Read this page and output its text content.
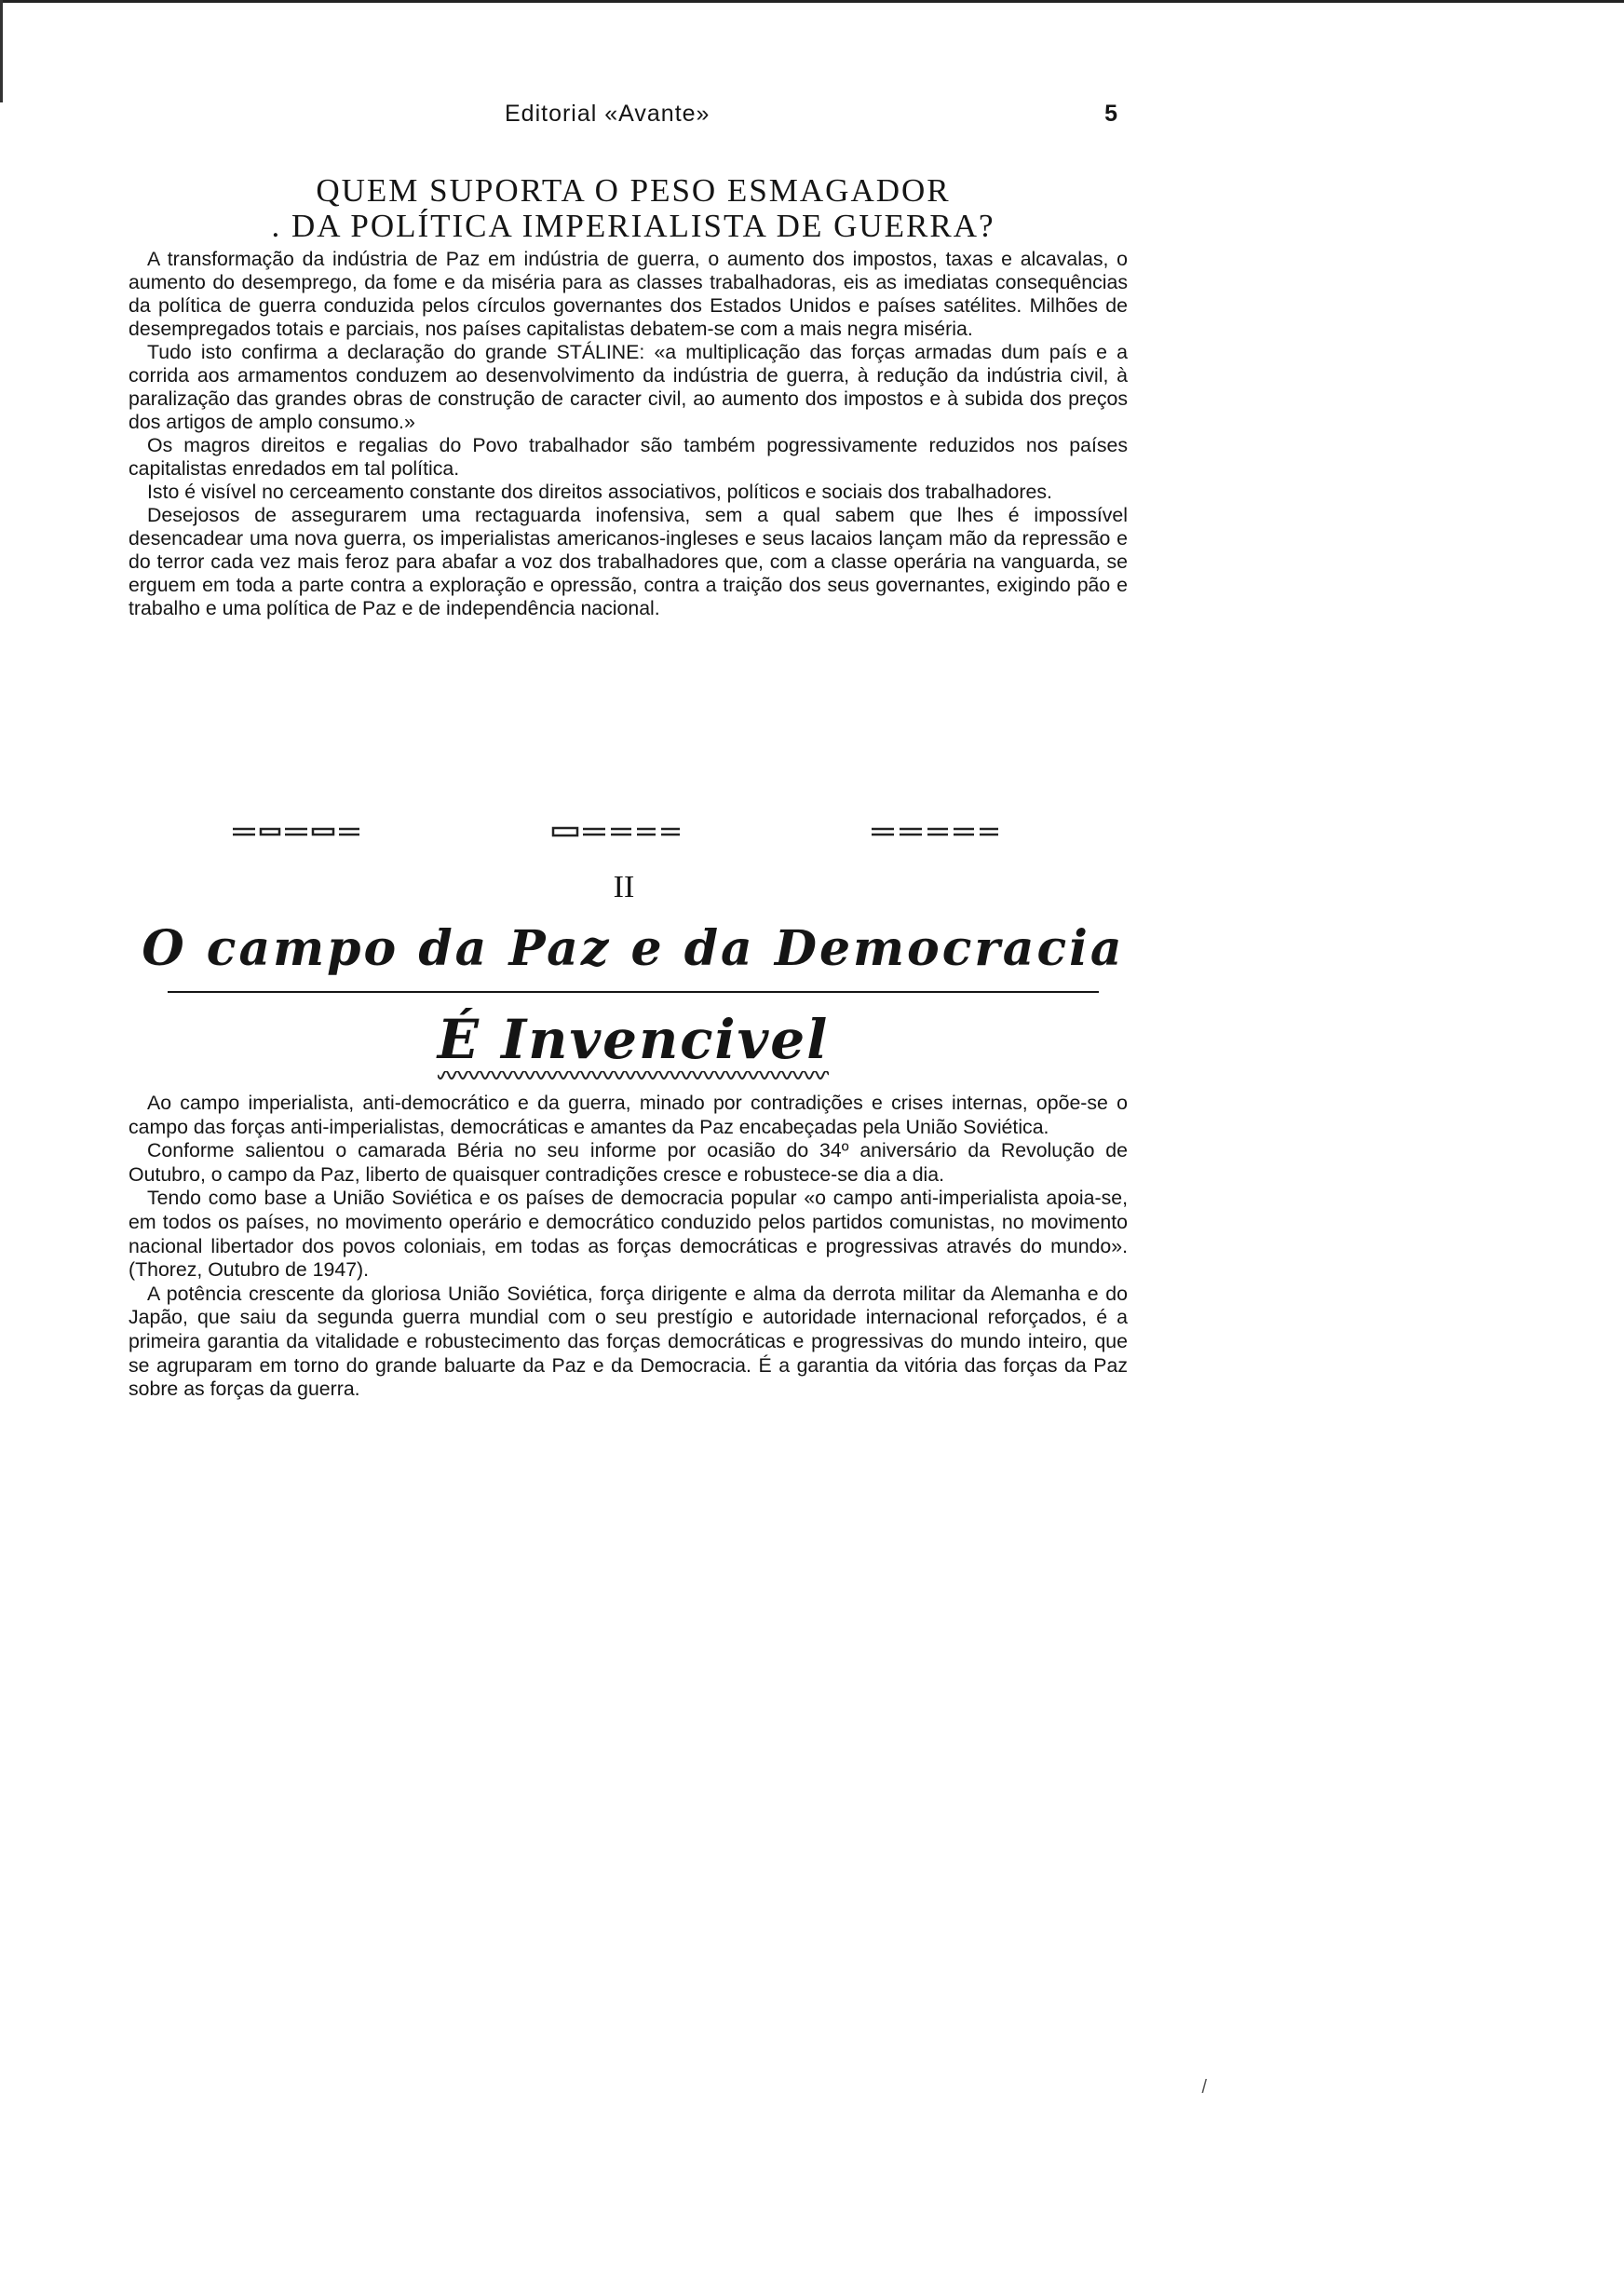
Editorial «Avante»	5
QUEM SUPORTA O PESO ESMAGADOR
. DA POLÍTICA IMPERIALISTA DE GUERRA?

A transformação da indústria de Paz em indústria de guerra, o aumento dos impostos, taxas e alcavalas, o aumento do desemprego, da fome e da miséria para as classes trabalhadoras, eis as imediatas consequências da política de guerra conduzida pelos círculos governantes dos Estados Unidos e países satélites. Milhões de desempregados totais e parciais, nos países capitalistas debatem-se com a mais negra miséria.

Tudo isto confirma a declaração do grande STÁLINE: «a multiplicação das forças armadas dum país e a corrida aos armamentos conduzem ao desenvolvimento da indústria de guerra, à redução da indústria civil, à paralização das grandes obras de construção de caracter civil, ao aumento dos impostos e à subida dos preços dos artigos de amplo consumo.»

Os magros direitos e regalias do Povo trabalhador são também pogressivamente reduzidos nos países capitalistas enredados em tal política.

Isto é visível no cerceamento constante dos direitos associativos, políticos e sociais dos trabalhadores.

Desejosos de assegurarem uma rectaguarda inofensiva, sem a qual sabem que lhes é impossível desencadear uma nova guerra, os imperialistas americanos-ingleses e seus lacaios lançam mão da repressão e do terror cada vez mais feroz para abafar a voz dos trabalhadores que, com a classe operária na vanguarda, se erguem em toda a parte contra a exploração e opressão, contra a traição dos seus governantes, exigindo pão e trabalho e uma política de Paz e de independência nacional.

II
O campo da Paz e da Democracia
É Invencivel

Ao campo imperialista, anti-democrático e da guerra, minado por contradições e crises internas, opõe-se o campo das forças anti-imperialistas, democráticas e amantes da Paz encabeçadas pela União Soviética.

Conforme salientou o camarada Béria no seu informe por ocasião do 34º aniversário da Revolução de Outubro, o campo da Paz, liberto de quaisquer contradições cresce e robustece-se dia a dia.

Tendo como base a União Soviética e os países de democracia popular «o campo anti-imperialista apoia-se, em todos os países, no movimento operário e democrático conduzido pelos partidos comunistas, no movimento nacional libertador dos povos coloniais, em todas as forças democráticas e progressivas através do mundo». (Thorez, Outubro de 1947).

A potência crescente da gloriosa União Soviética, força dirigente e alma da derrota militar da Alemanha e do Japão, que saiu da segunda guerra mundial com o seu prestígio e autoridade internacional reforçados, é a primeira garantia da vitalidade e robustecimento das forças democráticas e progressivas do mundo inteiro, que se agruparam em torno do grande baluarte da Paz e da Democracia. É a garantia da vitória das forças da Paz sobre as forças da guerra.

/
